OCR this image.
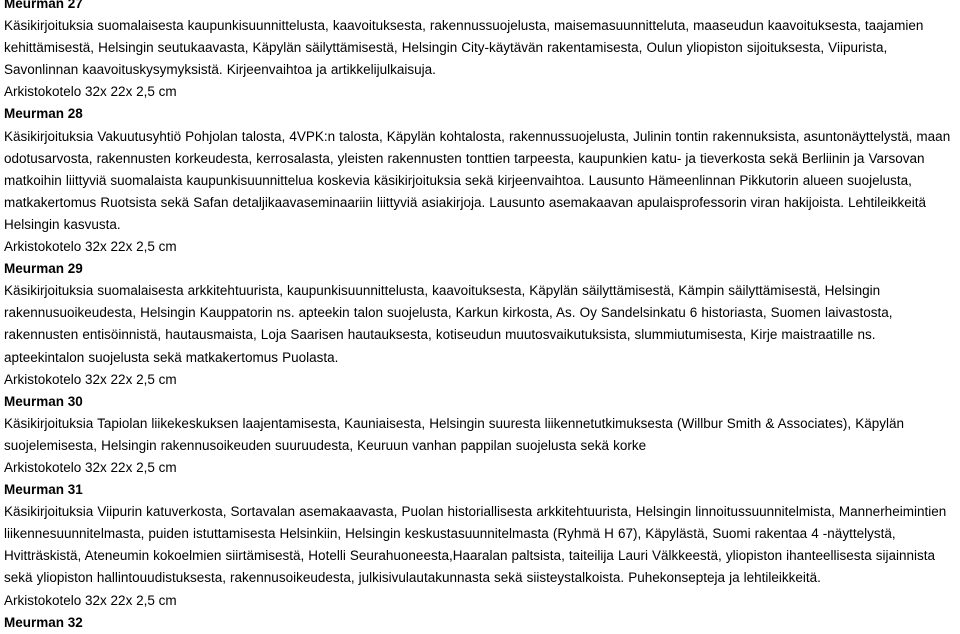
Meurman 27
Käsikirjoituksia suomalaisesta kaupunkisuunnittelusta, kaavoituksesta, rakennussuojelusta, maisemasuunnitteluta, maaseudun kaavoituksesta, taajamien kehittämisestä, Helsingin seutukaavasta, Käpylän säilyttämisestä, Helsingin City-käytävän rakentamisesta, Oulun yliopiston sijoituksesta, Viipurista, Savonlinnan kaavoituskysymyksistä. Kirjeenvaihtoa ja artikkelijulkaisuja.
Arkistokotelo 32x 22x 2,5 cm
Meurman 28
Käsikirjoituksia Vakuutusyhtiö Pohjolan talosta, 4VPK:n talosta, Käpylän kohtalosta, rakennussuojelusta, Julinin tontin rakennuksista, asuntonäyttelystä, maan odotusarvosta, rakennusten korkeudesta, kerrosalasta, yleisten rakennusten tonttien tarpeesta, kaupunkien katu- ja tieverkosta sekä Berliinin ja Varsovan matkoihin liittyviä suomalaista kaupunkisuunnittelua koskevia käsikirjoituksia sekä kirjeenvaihtoa. Lausunto Hämeenlinnan Pikkutorin alueen suojelusta, matkakertomus Ruotsista sekä Safan detaljikaavaseminaariin liittyviä asiakirjoja. Lausunto asemakaavan apulaisprofessorin viran hakijoista. Lehtileikkeitä Helsingin kasvusta.
Arkistokotelo 32x 22x 2,5 cm
Meurman 29
Käsikirjoituksia suomalaisesta arkkitehtuurista, kaupunkisuunnittelusta, kaavoituksesta, Käpylän säilyttämisestä, Kämpin säilyttämisestä, Helsingin rakennusuoikeudesta, Helsingin Kauppatorin ns. apteekin talon suojelusta, Karkun kirkosta, As. Oy Sandelsinkatu 6 historiasta, Suomen laivastosta, rakennusten entisöinnistä, hautausmaista, Loja Saarisen hautauksesta, kotiseudun muutosvaikutuksista, slummiutumisesta, Kirje maistraatille ns. apteekintalon suojelusta sekä matkakertomus Puolasta.
Arkistokotelo 32x 22x 2,5 cm
Meurman 30
Käsikirjoituksia Tapiolan liikekeskuksen laajentamisesta, Kauniaisesta, Helsingin suuresta liikennetutkimuksesta (Willbur Smith & Associates), Käpylän suojelemisesta, Helsingin rakennusoikeuden suuruudesta, Keuruun vanhan pappilan suojelusta sekä korke
Arkistokotelo 32x 22x 2,5 cm
Meurman 31
Käsikirjoituksia Viipurin katuverkosta, Sortavalan asemakaavasta, Puolan historiallisesta arkkitehtuurista, Helsingin linnoitussuunnitelmista, Mannerheimintien liikennesuunnitelmasta, puiden istuttamisesta Helsinkiin, Helsingin keskustasuunnitelmasta (Ryhmä H 67), Käpylästä, Suomi rakentaa 4 -näyttelystä, Hvitträskistä, Ateneumin kokoelmien siirtämisestä, Hotelli Seurahuoneesta,Haaralan paltsista, taiteilija Lauri Välkkeestä, yliopiston ihanteellisesta sijainnista sekä yliopiston hallintouudistuksesta, rakennusoikeudesta, julkisivulautakunnasta sekä siisteystalkoista. Puhekonsepteja ja lehtileikkeitä.
Arkistokotelo 32x 22x 2,5 cm
Meurman 32
